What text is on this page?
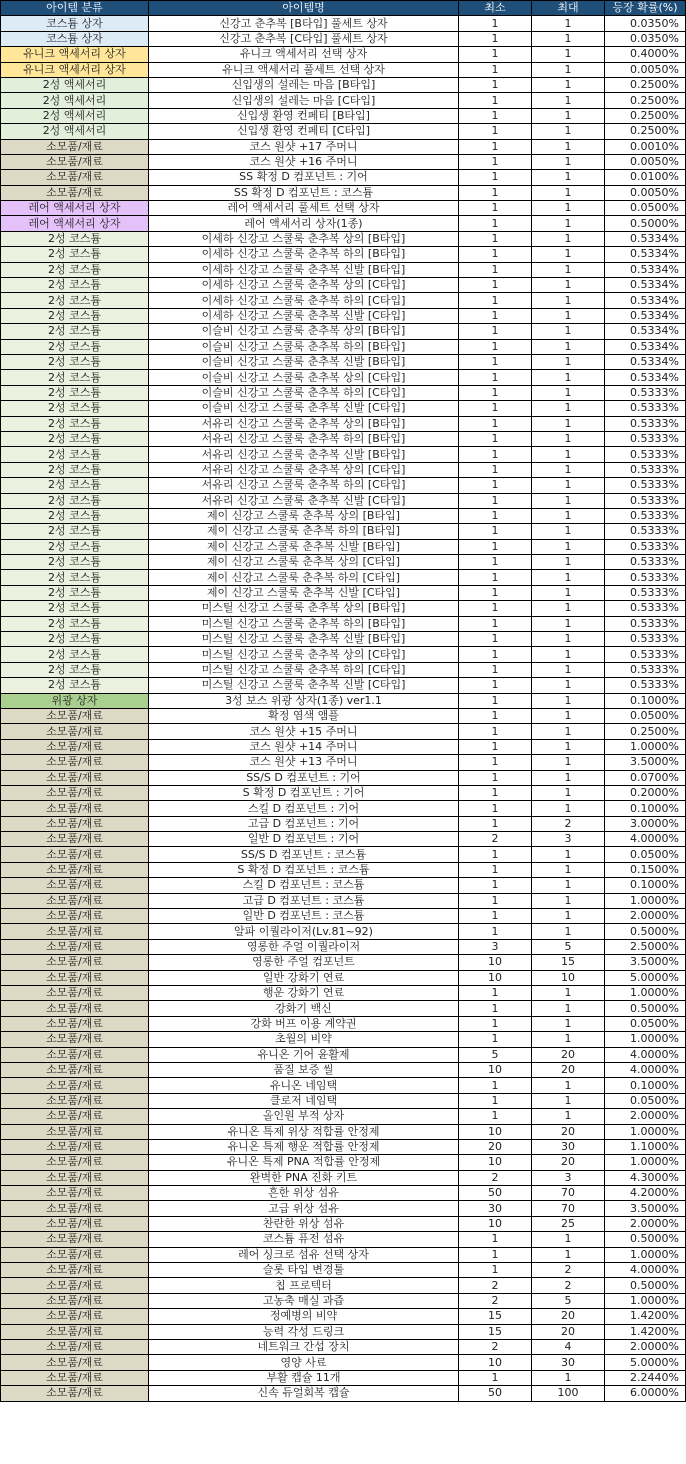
아이템 분류	아이템명	최소	최대	등장 확률(%)
코스튬 상자	신강고 춘추복 [B타입] 풀세트 상자	1	1	0.0350%
코스튬 상자	신강고 춘추복 [C타입] 풀세트 상자	1	1	0.0350%
유니크 액세서리 상자	유니크 액세서리 선택 상자	1	1	0.4000%
유니크 액세서리 상자	유니크 액세서리 풀세트 선택 상자	1	1	0.0050%
2성 액세서리	신입생의 설레는 마음 [B타입]	1	1	0.2500%
2성 액세서리	신입생의 설레는 마음 [C타입]	1	1	0.2500%
2성 액세서리	신입생 환영 컨페티 [B타입]	1	1	0.2500%
2성 액세서리	신입생 환영 컨페티 [C타입]	1	1	0.2500%
소모품/재료	코스 원샷 +17 주머니	1	1	0.0010%
소모품/재료	코스 원샷 +16 주머니	1	1	0.0050%
소모품/재료	SS 확정 D 컴포넌트 : 기어	1	1	0.0100%
소모품/재료	SS 확정 D 컴포넌트 : 코스튬	1	1	0.0050%
레어 액세서리 상자	레어 액세서리 풀세트 선택 상자	1	1	0.0500%
레어 액세서리 상자	레어 액세서리 상자(1종)	1	1	0.5000%
2성 코스튬	이세하 신강고 스쿨룩 춘추복 상의 [B타입]	1	1	0.5334%
2성 코스튬	이세하 신강고 스쿨룩 춘추복 하의 [B타입]	1	1	0.5334%
2성 코스튬	이세하 신강고 스쿨룩 춘추복 신발 [B타입]	1	1	0.5334%
2성 코스튬	이세하 신강고 스쿨룩 춘추복 상의 [C타입]	1	1	0.5334%
2성 코스튬	이세하 신강고 스쿨룩 춘추복 하의 [C타입]	1	1	0.5334%
2성 코스튬	이세하 신강고 스쿨룩 춘추복 신발 [C타입]	1	1	0.5334%
2성 코스튬	이슬비 신강고 스쿨룩 춘추복 상의 [B타입]	1	1	0.5334%
2성 코스튬	이슬비 신강고 스쿨룩 춘추복 하의 [B타입]	1	1	0.5334%
2성 코스튬	이슬비 신강고 스쿨룩 춘추복 신발 [B타입]	1	1	0.5334%
2성 코스튬	이슬비 신강고 스쿨룩 춘추복 상의 [C타입]	1	1	0.5334%
2성 코스튬	이슬비 신강고 스쿨룩 춘추복 하의 [C타입]	1	1	0.5333%
2성 코스튬	이슬비 신강고 스쿨룩 춘추복 신발 [C타입]	1	1	0.5333%
2성 코스튬	서유리 신강고 스쿨룩 춘추복 상의 [B타입]	1	1	0.5333%
2성 코스튬	서유리 신강고 스쿨룩 춘추복 하의 [B타입]	1	1	0.5333%
2성 코스튬	서유리 신강고 스쿨룩 춘추복 신발 [B타입]	1	1	0.5333%
2성 코스튬	서유리 신강고 스쿨룩 춘추복 상의 [C타입]	1	1	0.5333%
2성 코스튬	서유리 신강고 스쿨룩 춘추복 하의 [C타입]	1	1	0.5333%
2성 코스튬	서유리 신강고 스쿨룩 춘추복 신발 [C타입]	1	1	0.5333%
2성 코스튬	제이 신강고 스쿨룩 춘추복 상의 [B타입]	1	1	0.5333%
2성 코스튬	제이 신강고 스쿨룩 춘추복 하의 [B타입]	1	1	0.5333%
2성 코스튬	제이 신강고 스쿨룩 춘추복 신발 [B타입]	1	1	0.5333%
2성 코스튬	제이 신강고 스쿨룩 춘추복 상의 [C타입]	1	1	0.5333%
2성 코스튬	제이 신강고 스쿨룩 춘추복 하의 [C타입]	1	1	0.5333%
2성 코스튬	제이 신강고 스쿨룩 춘추복 신발 [C타입]	1	1	0.5333%
2성 코스튬	미스틸 신강고 스쿨룩 춘추복 상의 [B타입]	1	1	0.5333%
2성 코스튬	미스틸 신강고 스쿨룩 춘추복 하의 [B타입]	1	1	0.5333%
2성 코스튬	미스틸 신강고 스쿨룩 춘추복 신발 [B타입]	1	1	0.5333%
2성 코스튬	미스틸 신강고 스쿨룩 춘추복 상의 [C타입]	1	1	0.5333%
2성 코스튬	미스틸 신강고 스쿨룩 춘추복 하의 [C타입]	1	1	0.5333%
2성 코스튬	미스틸 신강고 스쿨룩 춘추복 신발 [C타입]	1	1	0.5333%
위광 상자	3성 보스 위광 상자(1종) ver1.1	1	1	0.1000%
소모품/재료	확정 염색 앰플	1	1	0.0500%
소모품/재료	코스 원샷 +15 주머니	1	1	0.2500%
소모품/재료	코스 원샷 +14 주머니	1	1	1.0000%
소모품/재료	코스 원샷 +13 주머니	1	1	3.5000%
소모품/재료	SS/S D 컴포넌트 : 기어	1	1	0.0700%
소모품/재료	S 확정 D 컴포넌트 : 기어	1	1	0.2000%
소모품/재료	스킬 D 컴포넌트 : 기어	1	1	0.1000%
소모품/재료	고급 D 컴포넌트 : 기어	1	2	3.0000%
소모품/재료	일반 D 컴포넌트 : 기어	2	3	4.0000%
소모품/재료	SS/S D 컴포넌트 : 코스튬	1	1	0.0500%
소모품/재료	S 확정 D 컴포넌트 : 코스튬	1	1	0.1500%
소모품/재료	스킬 D 컴포넌트 : 코스튬	1	1	0.1000%
소모품/재료	고급 D 컴포넌트 : 코스튬	1	1	1.0000%
소모품/재료	일반 D 컴포넌트 : 코스튬	1	1	2.0000%
소모품/재료	알파 이퀄라이저(Lv.81~92)	1	1	0.5000%
소모품/재료	영롱한 주얼 이퀄라이저	3	5	2.5000%
소모품/재료	영롱한 주얼 컴포넌트	10	15	3.5000%
소모품/재료	일반 강화기 연료	10	10	5.0000%
소모품/재료	행운 강화기 연료	1	1	1.0000%
소모품/재료	강화기 백신	1	1	0.5000%
소모품/재료	강화 버프 이용 계약권	1	1	0.0500%
소모품/재료	초월의 비약	1	1	1.0000%
소모품/재료	유니온 기어 윤활제	5	20	4.0000%
소모품/재료	품질 보증 씰	10	20	4.0000%
소모품/재료	유니온 네임택	1	1	0.1000%
소모품/재료	클로저 네임택	1	1	0.0500%
소모품/재료	올인원 부적 상자	1	1	2.0000%
소모품/재료	유니온 특제 위상 적합률 안정제	10	20	1.0000%
소모품/재료	유니온 특제 행운 적합률 안정제	20	30	1.1000%
소모품/재료	유니온 특제 PNA 적합률 안정제	10	20	1.0000%
소모품/재료	완벽한 PNA 진화 키트	2	3	4.3000%
소모품/재료	흔한 위상 섬유	50	70	4.2000%
소모품/재료	고급 위상 섬유	30	70	3.5000%
소모품/재료	찬란한 위상 섬유	10	25	2.0000%
소모품/재료	코스튬 퓨전 섬유	1	1	0.5000%
소모품/재료	레어 싱크로 섬유 선택 상자	1	1	1.0000%
소모품/재료	슬롯 타입 변경툴	1	2	4.0000%
소모품/재료	칩 프로텍터	2	2	0.5000%
소모품/재료	고농축 매실 과즙	2	5	1.0000%
소모품/재료	정예병의 비약	15	20	1.4200%
소모품/재료	능력 각성 드링크	15	20	1.4200%
소모품/재료	네트워크 간섭 장치	2	4	2.0000%
소모품/재료	영양 사료	10	30	5.0000%
소모품/재료	부활 캡슐 11개	1	1	2.2440%
소모품/재료	신속 듀얼회복 캡슐	50	100	6.0000%
